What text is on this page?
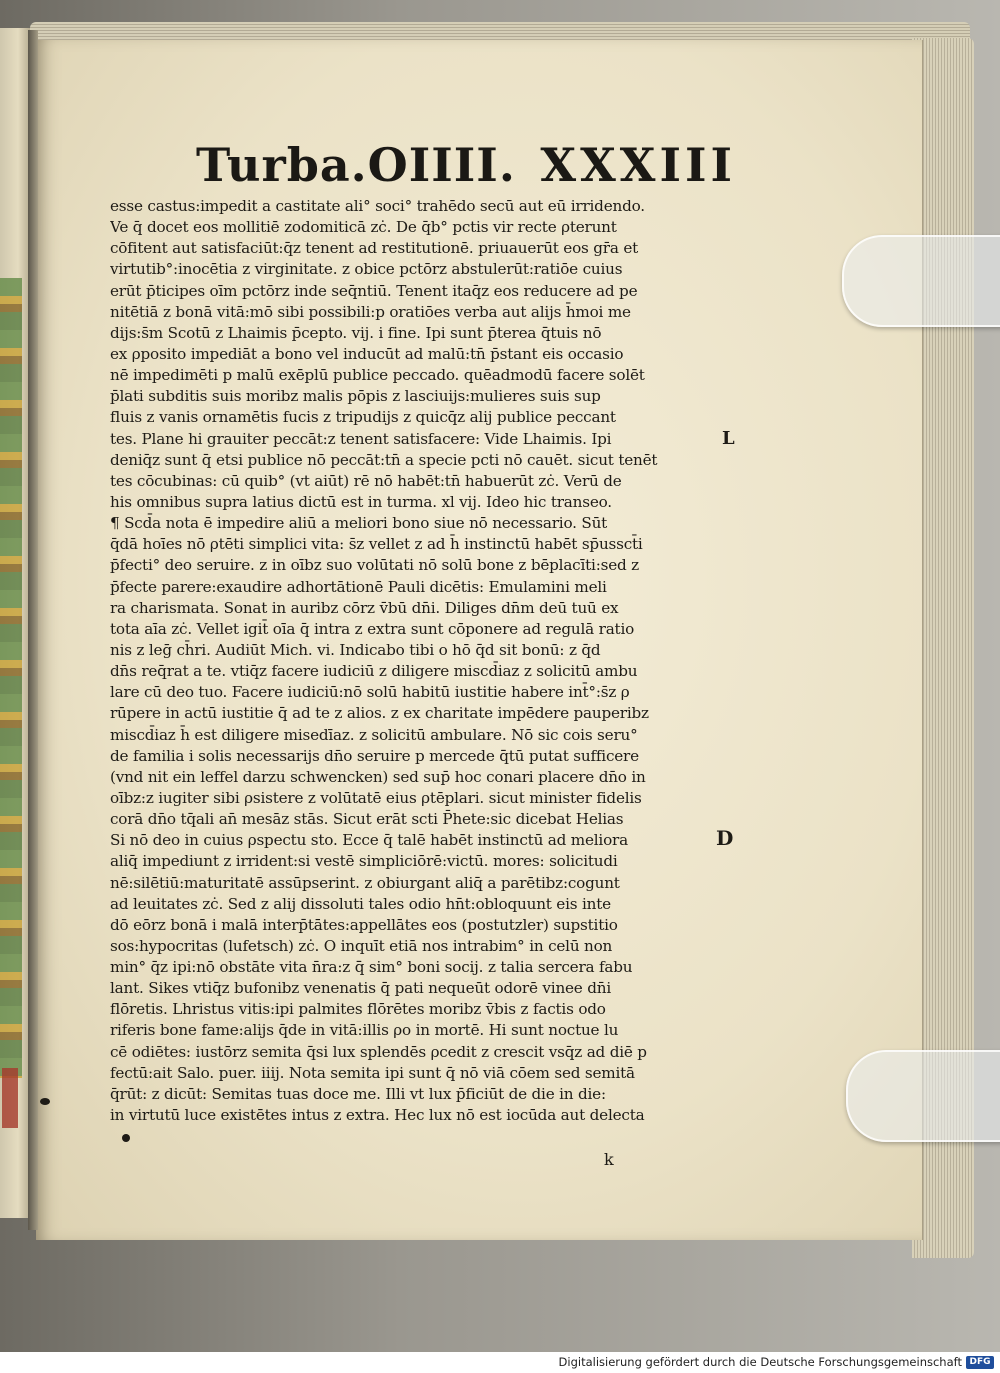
Turba.OIIII. XXXIII
esse castus:impedit a castitate ali° soci° trahēdo secū aut eū irridendo.
Ve q̄ docet eos mollitiē zodomiticā zċ. De q̄b° pctis vir recte ρterunt
cōfitent aut satisfaciūt:q̄z tenent ad restitutionē. priuauerūt eos gr̄a et
virtutib°:inocētia z virginitate. z obice pctōrz abstulerūt:ratiōe cuius
erūt p̄ticipes oīm pctōrz inde seq̄ntiū. Tenent itaq̄z eos reducere ad pe
nitētiā z bonā vitā:mō sibi possibili:p oratiōes verba aut alijs h̄moi me
dijs:s̄m Scotū z Lhaimis p̄cepto. vij. i fine. Ipi sunt p̄terea q̄̄tuis nō
ex ρposito impediāt a bono vel inducūt ad malū:tn̄ p̄stant eis occasio
nē impedimēti p malū exēplū publice peccado. quēadmodū facere solēt
p̄lati subditis suis moribz malis pōpis z lasciuijs:mulieres suis sup
fluis z vanis ornamētis fucis z tripudijs z quicq̄z alij publice peccant
tes. Plane hi grauiter peccāt:z tenent satisfacere: Vide Lhaimis. Ipi
deniq̄z sunt q̄ etsi publice nō peccāt:tn̄ a specie pcti nō cauēt. sicut tenēt
tes cōcubinas: cū quib° (vt aiūt) rē nō habēt:tn̄ habuerūt zċ. Verū de
his omnibus supra latius dictū est in turma. xl vij. Ideo hic transeo.
¶ Scd̄a nota ē impedire aliū a meliori bono siue nō necessario. Sūt
q̄dā hoīes nō ρtēti simplici vita: s̄z vellet z ad h̄ instinctū habēt sp̄ussct̄i
p̄fecti° deo seruire. z in oībz suo volūtati nō solū bone z bēplacīti:sed z
p̄fecte parere:exaudire adhortātionē Pauli dicētis: Emulamini meli
ra charismata. Sonat in auribz cōrz v̄bū dn̄i. Diliges dn̄m deū tuū ex
tota aīa zċ. Vellet igit̄ oīa q̄ intra z extra sunt cōponere ad regulā ratio
nis z leḡ ch̄ri. Audiūt Mich. vi. Indicabo tibi o hō q̄d sit bonū: z q̄d
dn̄s req̄rat a te. vtiq̄z facere iudiciū z diligere miscd̄iaz z solicitū ambu
lare cū deo tuo. Facere iudiciū:nō solū habitū iustitie habere int̄°:s̄z ρ
rūpere in actū iustitie q̄ ad te z alios. z ex charitate impēdere pauperibz
miscd̄iaz h̄ est diligere misedīaz. z solicitū ambulare. Nō sic cois seru°
de familia i solis necessarijs dn̄o seruire p mercede q̄̄tū putat sufficere
(vnd nit ein leffel darzu schwencken) sed sup̄ hoc conari placere dn̄o in
oībz:z iugiter sibi ρsistere z volūtatē eius ρtēplari. sicut minister fidelis
corā dn̄o tq̄ali an̄ mesāz stās. Sicut erāt scti P̄hete:sic dicebat Helias
Si nō deo in cuius ρspectu sto. Ecce q̄ talē habēt instinctū ad meliora
aliq̄ impediunt z irrident:si vestē simpliciōrē:victū. mores: solicitudi
nē:silētiū:maturitatē assūpserint. z obiurgant aliq̄ a parētibz:cogunt
ad leuitates zċ. Sed z alij dissoluti tales odio hn̄t:obloquunt eis inte
dō eōrz bonā i malā interp̄tātes:appellātes eos (postutzler) supstitio
sos:hypocritas (lufetsch) zċ. O inquīt etiā nos intrabim° in celū non
min° q̄z ipi:nō obstāte vita n̄ra:z q̄̄ sim° boni socij. z talia sercera fabu
lant. Sikes vtiq̄z bufonibz venenatis q̄ pati nequeūt odorē vinee dn̄i
flōretis. Lhristus vitis:ipi palmites flōrētes moribz v̄bis z factis odo
riferis bone fame:alijs q̄de in vitā:illis ρo in mortē. Hi sunt noctue lu
cē odiētes: iustōrz semita q̄si lux splendēs ρcedit z crescit vsq̄z ad diē p
fectū:ait Salo. puer. iiij. Nota semita ipi sunt q̄ nō viā cōem sed semitā
q̄rūt: z dicūt: Semitas tuas doce me. Illi vt lux p̄ficiūt de die in die:
in virtutū luce existētes intus z extra. Hec lux nō est iocūda aut delecta
L
D
k
Digitalisierung gefördert durch die Deutsche Forschungsgemeinschaft DFG
